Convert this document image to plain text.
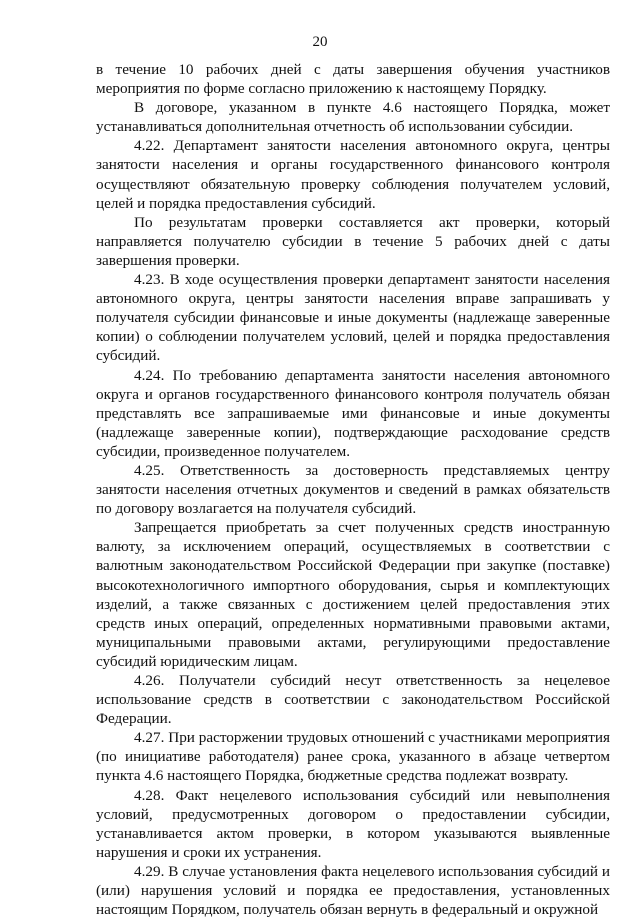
20

в течение 10 рабочих дней с даты завершения обучения участников мероприятия по форме согласно приложению к настоящему Порядку.

В договоре, указанном в пункте 4.6 настоящего Порядка, может устанавливаться дополнительная отчетность об использовании субсидии.

4.22. Департамент занятости населения автономного округа, центры занятости населения и органы государственного финансового контроля осуществляют обязательную проверку соблюдения получателем условий, целей и порядка предоставления субсидий.

По результатам проверки составляется акт проверки, который направляется получателю субсидии в течение 5 рабочих дней с даты завершения проверки.

4.23. В ходе осуществления проверки департамент занятости населения автономного округа, центры занятости населения вправе запрашивать у получателя субсидии финансовые и иные документы (надлежаще заверенные копии) о соблюдении получателем условий, целей и порядка предоставления субсидий.

4.24. По требованию департамента занятости населения автономного округа и органов государственного финансового контроля получатель обязан представлять все запрашиваемые ими финансовые и иные документы (надлежаще заверенные копии), подтверждающие расходование средств субсидии, произведенное получателем.

4.25. Ответственность за достоверность представляемых центру занятости населения отчетных документов и сведений в рамках обязательств по договору возлагается на получателя субсидий.

Запрещается приобретать за счет полученных средств иностранную валюту, за исключением операций, осуществляемых в соответствии с валютным законодательством Российской Федерации при закупке (поставке) высокотехнологичного импортного оборудования, сырья и комплектующих изделий, а также связанных с достижением целей предоставления этих средств иных операций, определенных нормативными правовыми актами, муниципальными правовыми актами, регулирующими предоставление субсидий юридическим лицам.

4.26. Получатели субсидий несут ответственность за нецелевое использование средств в соответствии с законодательством Российской Федерации.

4.27. При расторжении трудовых отношений с участниками мероприятия (по инициативе работодателя) ранее срока, указанного в абзаце четвертом пункта 4.6 настоящего Порядка, бюджетные средства подлежат возврату.

4.28. Факт нецелевого использования субсидий или невыполнения условий, предусмотренных договором о предоставлении субсидии, устанавливается актом проверки, в котором указываются выявленные нарушения и сроки их устранения.

4.29. В случае установления факта нецелевого использования субсидий и (или) нарушения условий и порядка ее предоставления, установленных настоящим Порядком, получатель обязан вернуть в федеральный и окружной
